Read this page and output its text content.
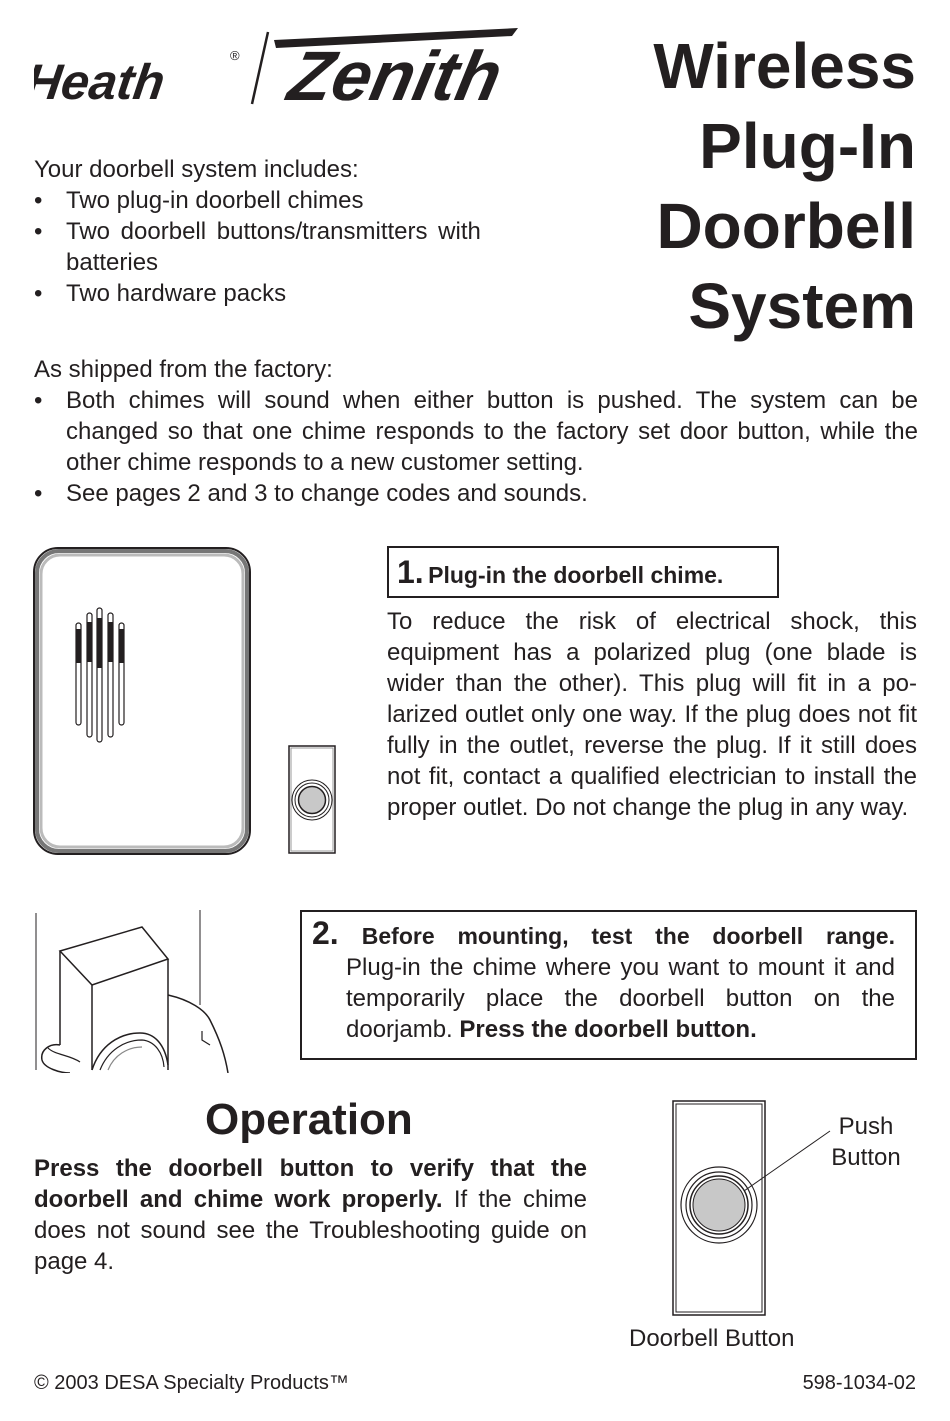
Heath	® Zenith Wireless
Plug-In
Doorbell
System
Your doorbell system includes:
• Two plug-in doorbell chimes
• Two doorbell buttons/transmitters with batteries
• Two hardware packs
As shipped from the factory:
• Both chimes will sound when either button is pushed. The system can be changed so that one chime responds to the factory set door button, while the other chime responds to a new customer setting.
• See pages 2 and 3 to change codes and sounds.
1. Plug-in the doorbell chime.
To reduce the risk of electrical shock, this equipment has a polarized plug (one blade is wider than the other). This plug will fit in a po-larized outlet only one way. If the plug does not fit fully in the outlet, reverse the plug. If it still does not fit, contact a qualified electrician to install the proper outlet. Do not change the plug in any way.
2. Before mounting, test the doorbell range.
Plug-in the chime where you want to mount it and temporarily place the doorbell button on the doorjamb. Press the doorbell button.
Operation
Press the doorbell button to verify that the doorbell and chime work properly. If the chime does not sound see the Troubleshooting guide on page 4.
Push
Button
Doorbell Button
© 2003 DESA Specialty Products™	598-1034-02
